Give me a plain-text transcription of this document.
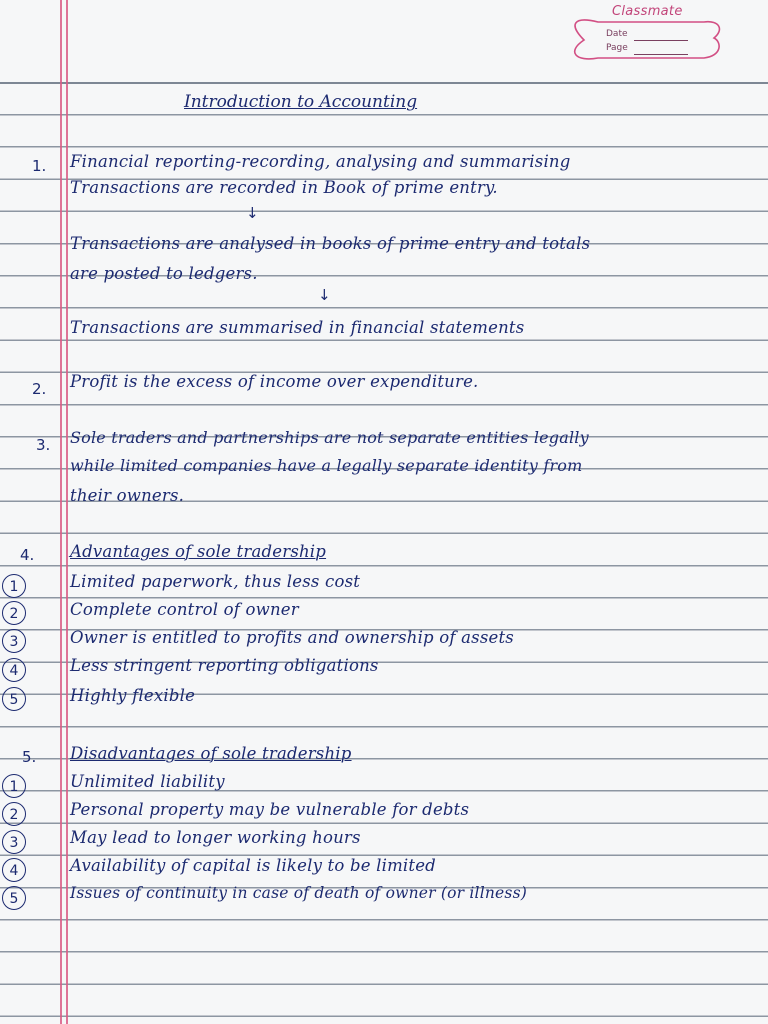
Classmate
Date
Page
Introduction to Accounting
1. Financial reporting-recording, analysing and summarising
Transactions are recorded in Book of prime entry.
↓
Transactions are analysed in books of prime entry and totals
are posted to ledgers.
↓
Transactions are summarised in financial statements
2. Profit is the excess of income over expenditure.
3. Sole traders and partnerships are not separate entities legally
while limited companies have a legally separate identity from
their owners.
4. Advantages of sole tradership
1	Limited paperwork, thus less cost
2	Complete control of owner
3	Owner is entitled to profits and ownership of assets
4	Less stringent reporting obligations
5	Highly flexible
5. Disadvantages of sole tradership
1	Unlimited liability
2	Personal property may be vulnerable for debts
3	May lead to longer working hours
4	Availability of capital is likely to be limited
5	Issues of continuity in case of death of owner (or illness)
